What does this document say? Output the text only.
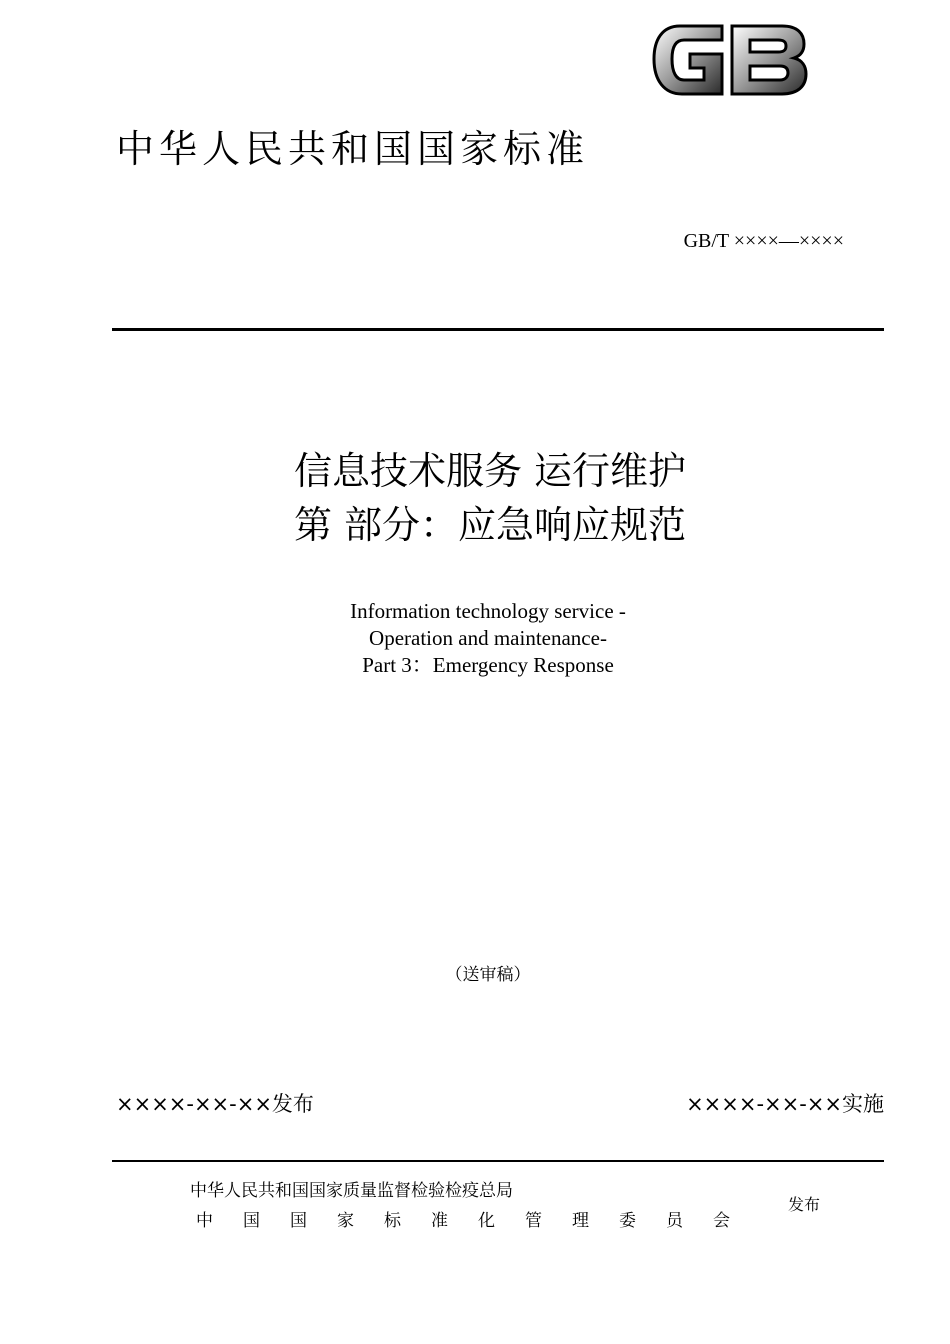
中华人民共和国国家标准
GB/T ××××—××××
信息技术服务 运行维护
第 部分：应急响应规范
Information technology service -
Operation and maintenance-
Part 3：Emergency Response
（送审稿）
××××-××-××发布	××××-××-××实施
中华人民共和国国家质量监督检验检疫总局
中国国家标准化管理委员会
发布
